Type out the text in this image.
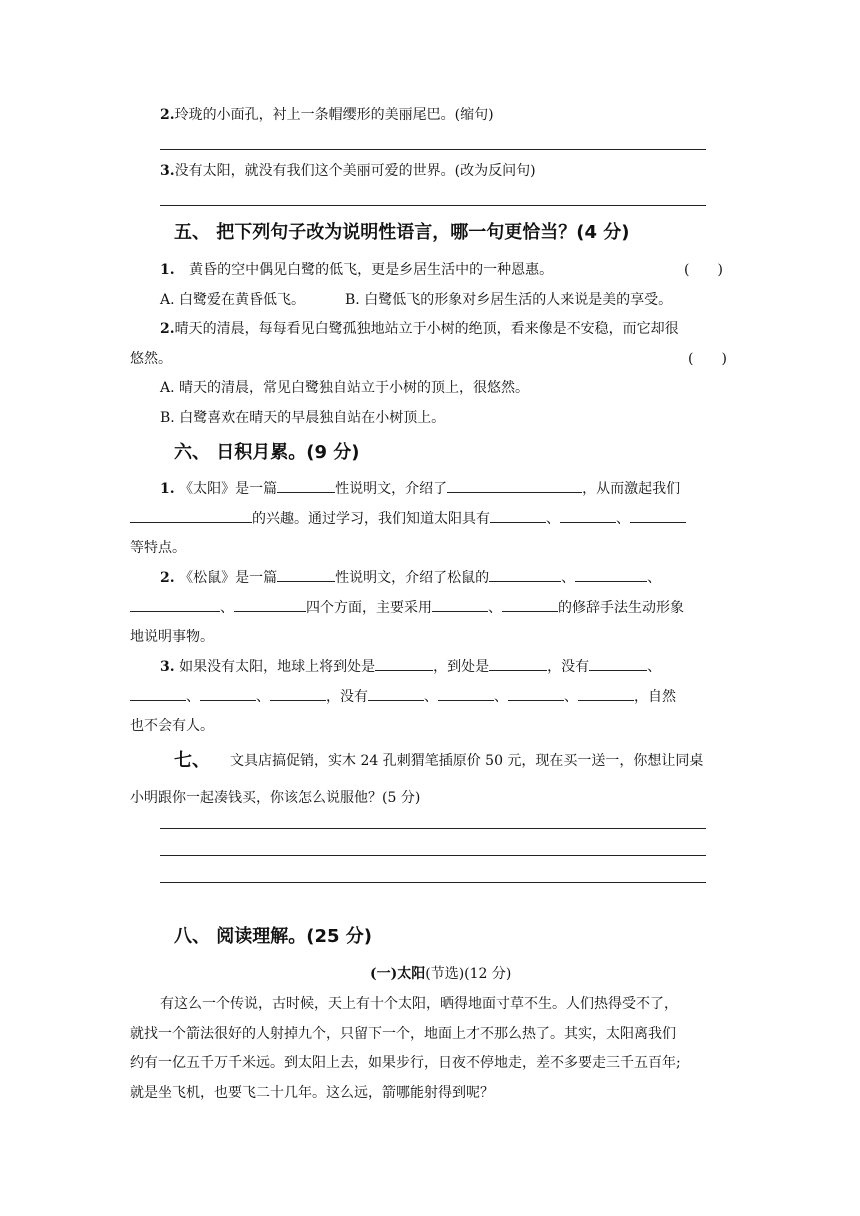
2.玲珑的小面孔，衬上一条帽缨形的美丽尾巴。(缩句)
3.没有太阳，就没有我们这个美丽可爱的世界。(改为反问句)
五、 把下列句子改为说明性语言，哪一句更恰当？(4 分)
1. 黄昏的空中偶见白鹭的低飞，更是乡居生活中的一种恩惠。	(　　)
A. 白鹭爱在黄昏低飞。	B. 白鹭低飞的形象对乡居生活的人来说是美的享受。
2.晴天的清晨，每每看见白鹭孤独地站立于小树的绝顶，看来像是不安稳，而它却很
悠然。	(　　)
A. 晴天的清晨，常见白鹭独自站立于小树的顶上，很悠然。
B. 白鹭喜欢在晴天的早晨独自站在小树顶上。
六、 日积月累。(9 分)
1. 《太阳》是一篇	性说明文，介绍了	，从而激起我们
的兴趣。通过学习，我们知道太阳具有	、	、
等特点。
2. 《松鼠》是一篇	性说明文，介绍了松鼠的	、	、
、	四个方面，主要采用	、	的修辞手法生动形象
地说明事物。
3. 如果没有太阳，地球上将到处是	，到处是	，没有	、
、	、	，没有	、	、	、	，自然
也不会有人。
七、 文具店搞促销，实木 24 孔刺猬笔插原价 50 元，现在买一送一，你想让同桌
小明跟你一起凑钱买，你该怎么说服他？(5 分)
八、 阅读理解。(25 分)
(一)太阳(节选)(12 分)
有这么一个传说，古时候，天上有十个太阳，晒得地面寸草不生。人们热得受不了，
就找一个箭法很好的人射掉九个，只留下一个，地面上才不那么热了。其实，太阳离我们
约有一亿五千万千米远。到太阳上去，如果步行，日夜不停地走，差不多要走三千五百年;
就是坐飞机，也要飞二十几年。这么远，箭哪能射得到呢？
